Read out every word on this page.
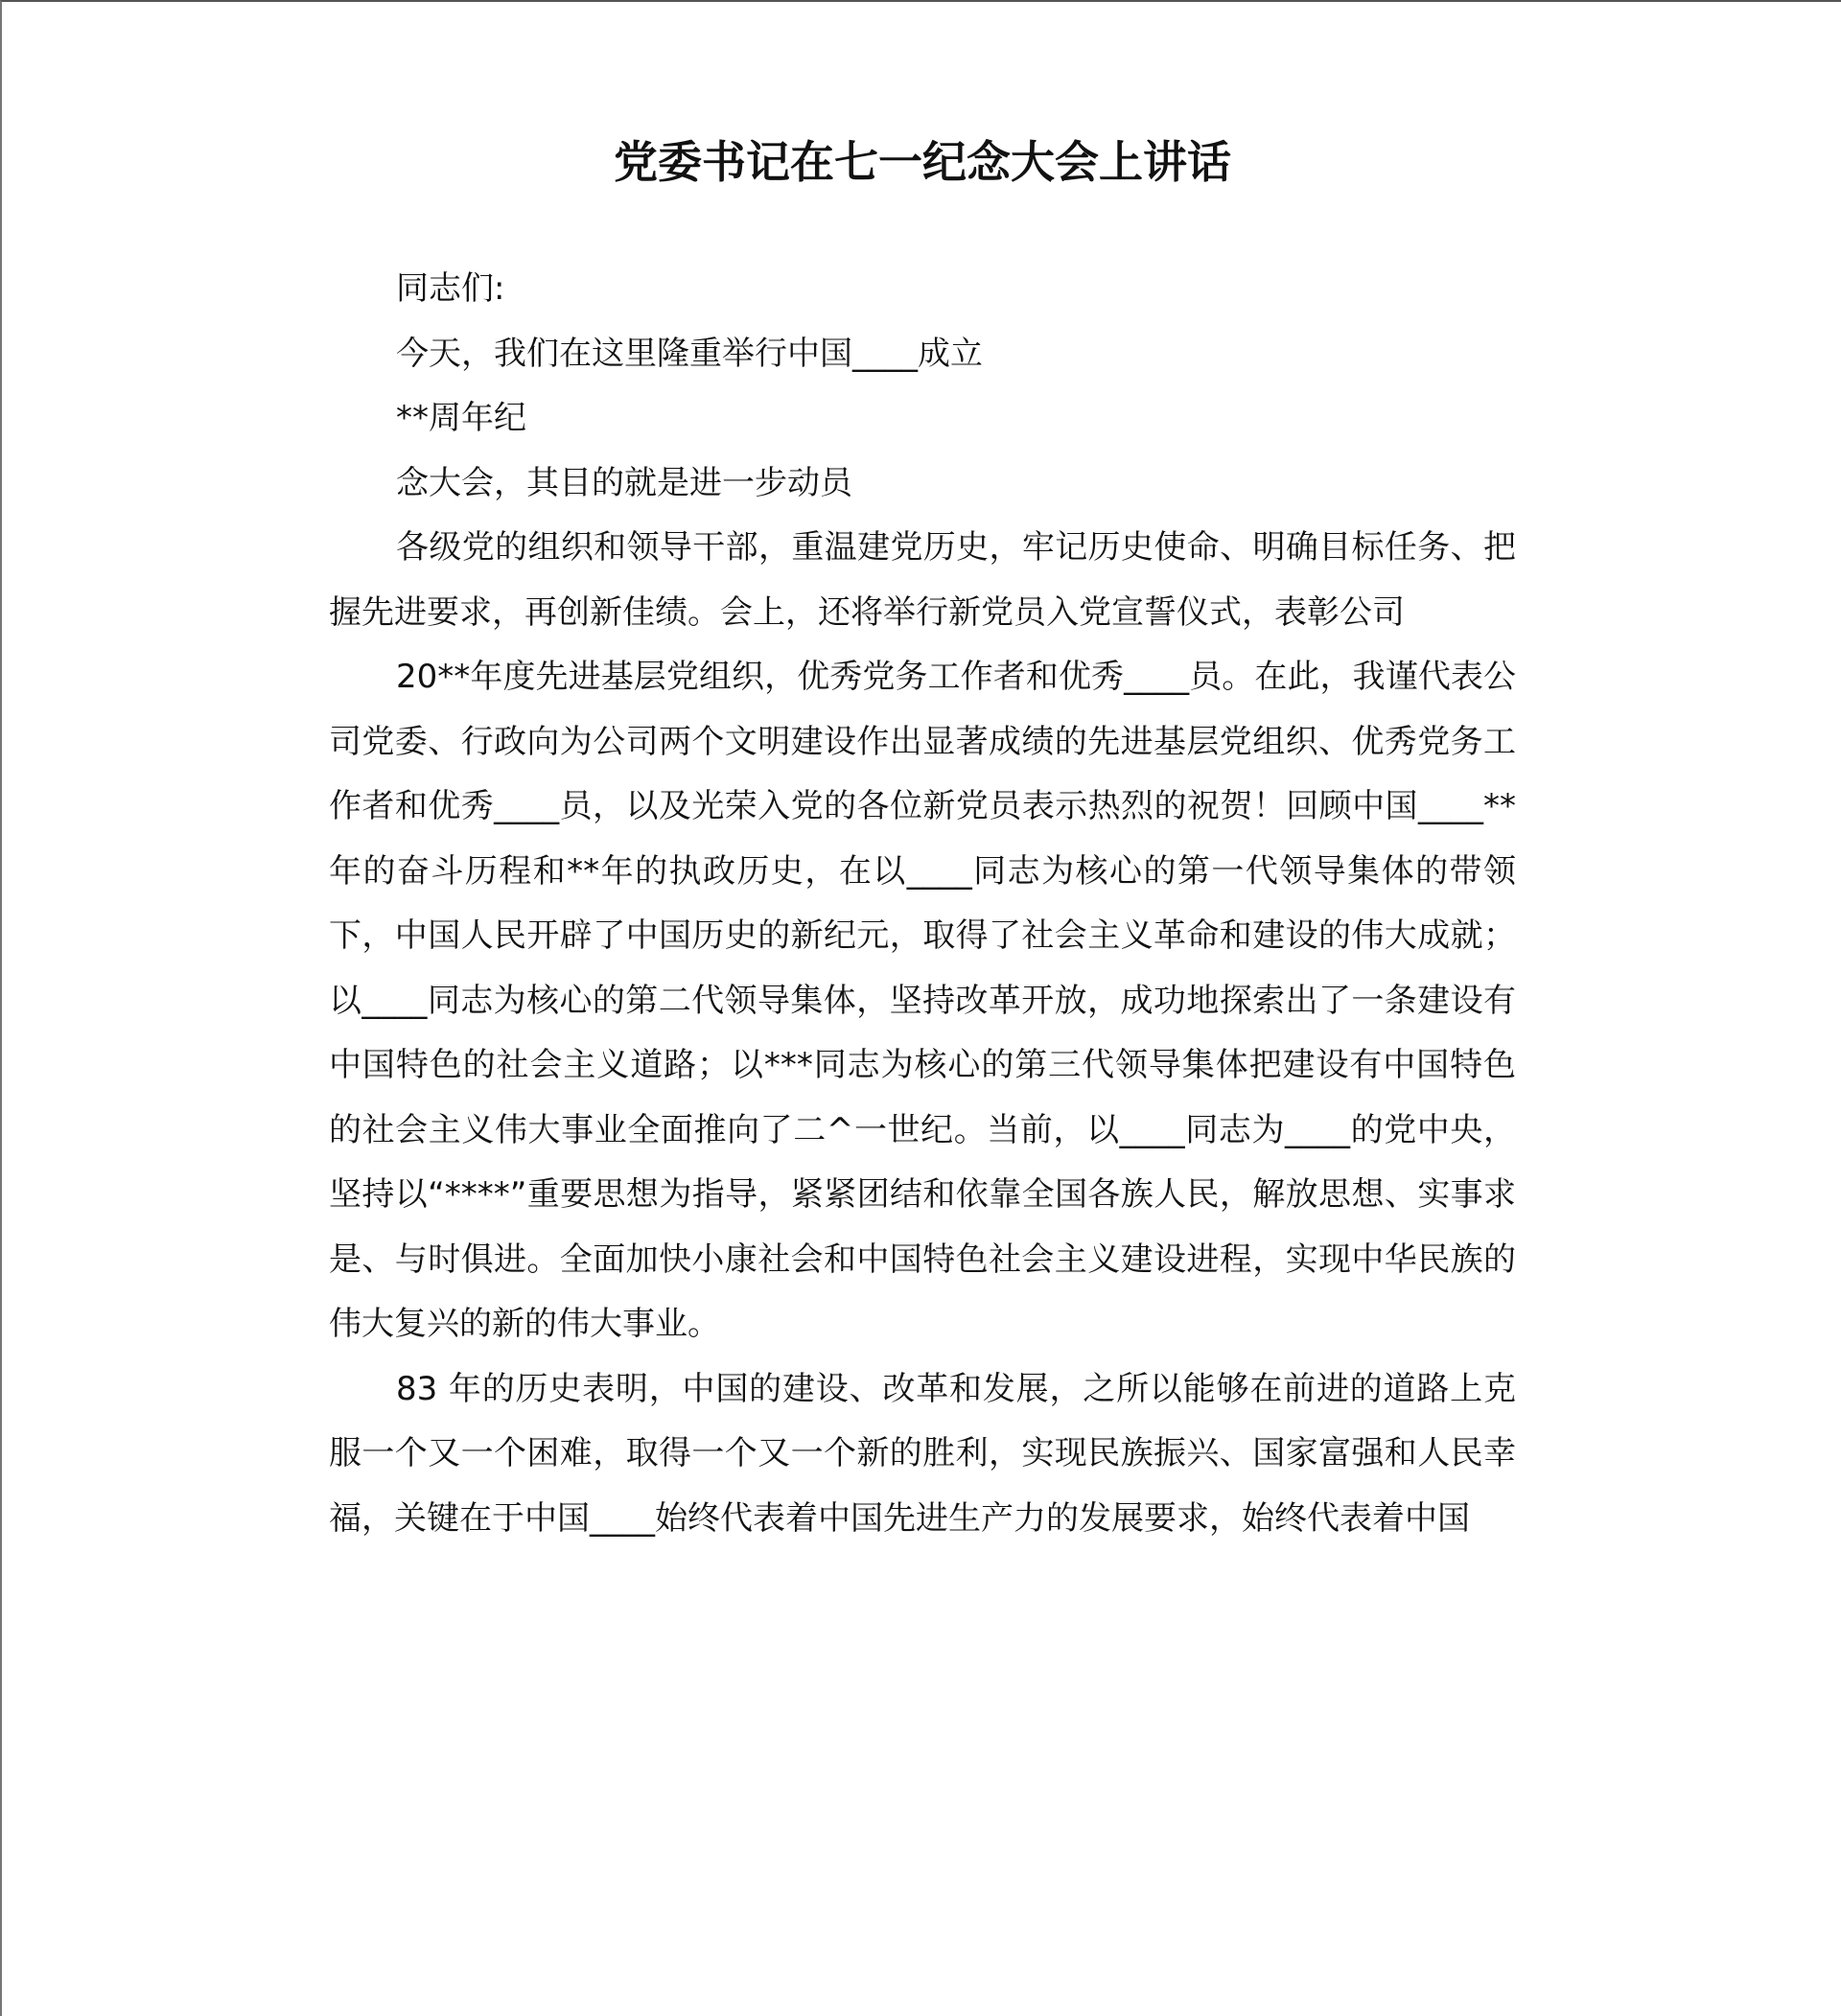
党委书记在七一纪念大会上讲话

同志们:

今天，我们在这里隆重举行中国____成立

**周年纪

念大会，其目的就是进一步动员

各级党的组织和领导干部，重温建党历史，牢记历史使命、明确目标任务、把握先进要求，再创新佳绩。会上，还将举行新党员入党宣誓仪式，表彰公司

20**年度先进基层党组织，优秀党务工作者和优秀____员。在此，我谨代表公司党委、行政向为公司两个文明建设作出显著成绩的先进基层党组织、优秀党务工作者和优秀____员，以及光荣入党的各位新党员表示热烈的祝贺！回顾中国____**年的奋斗历程和**年的执政历史，在以____同志为核心的第一代领导集体的带领下，中国人民开辟了中国历史的新纪元，取得了社会主义革命和建设的伟大成就；以____同志为核心的第二代领导集体，坚持改革开放，成功地探索出了一条建设有中国特色的社会主义道路；以***同志为核心的第三代领导集体把建设有中国特色的社会主义伟大事业全面推向了二^一世纪。当前，以____同志为____的党中央，坚持以“****”重要思想为指导，紧紧团结和依靠全国各族人民，解放思想、实事求是、与时俱进。全面加快小康社会和中国特色社会主义建设进程，实现中华民族的伟大复兴的新的伟大事业。

83 年的历史表明，中国的建设、改革和发展，之所以能够在前进的道路上克服一个又一个困难，取得一个又一个新的胜利，实现民族振兴、国家富强和人民幸福，关键在于中国____始终代表着中国先进生产力的发展要求，始终代表着中国
